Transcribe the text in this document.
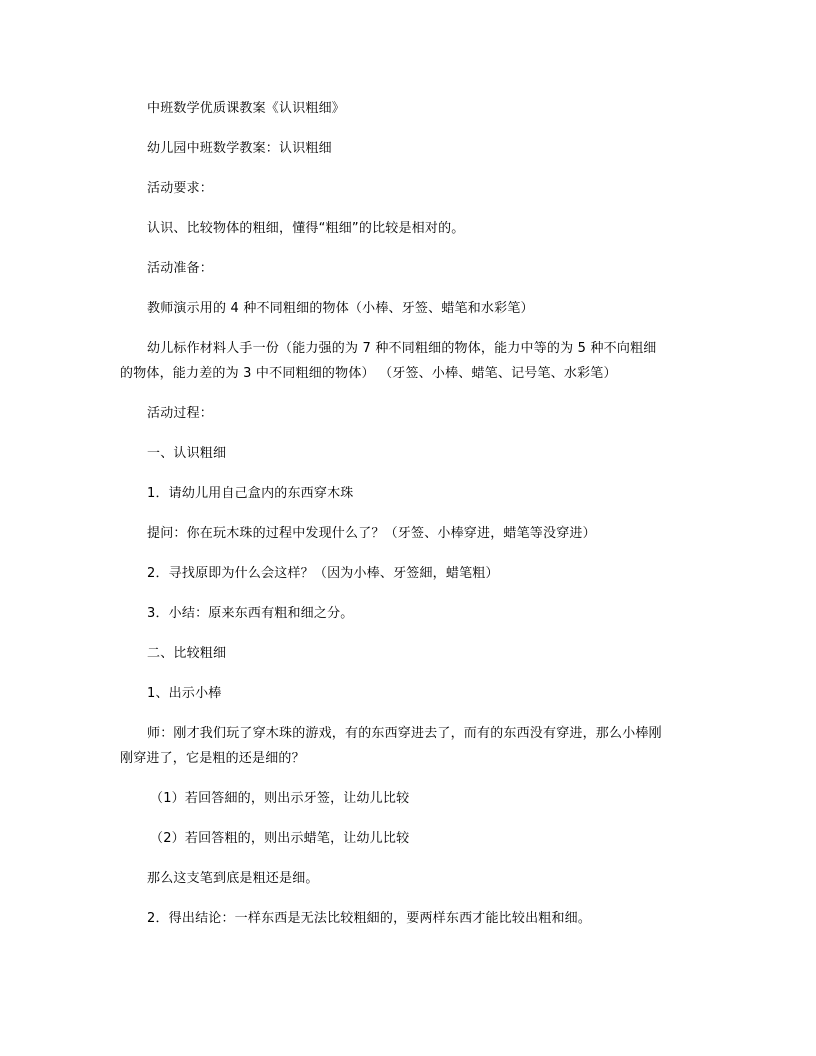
中班数学优质课教案《认识粗细》
幼儿园中班数学教案：认识粗细
活动要求：
认识、比较物体的粗细，懂得“粗细”的比较是相对的。
活动准备：
教师演示用的 4 种不同粗细的物体（小棒、牙签、蜡笔和水彩笔）
幼儿标作材料人手一份（能力强的为 7 种不同粗细的物体，能力中等的为 5 种不向粗细
的物体，能力差的为 3 中不同粗细的物体） （牙签、小棒、蜡笔、记号笔、水彩笔）
活动过程：
一、认识粗细
1．请幼儿用自己盒内的东西穿木珠
提问：你在玩木珠的过程中发现什么了？（牙签、小棒穿进，蜡笔等没穿进）
2．寻找原即为什么会这样？（因为小棒、牙签細，蜡笔粗）
3．小结：原来东西有粗和细之分。
二、比较粗细
1、出示小棒
师：刚才我们玩了穿木珠的游戏，有的东西穿进去了，而有的东西没有穿进，那么小棒刚
刚穿进了，它是粗的还是细的？
（1）若回答細的，则出示牙签，让幼儿比较
（2）若回答粗的，则出示蜡笔，让幼儿比较
那么这支笔到底是粗还是细。
2．得出结论：一样东西是无法比较粗細的，要两样东西才能比较出粗和细。
